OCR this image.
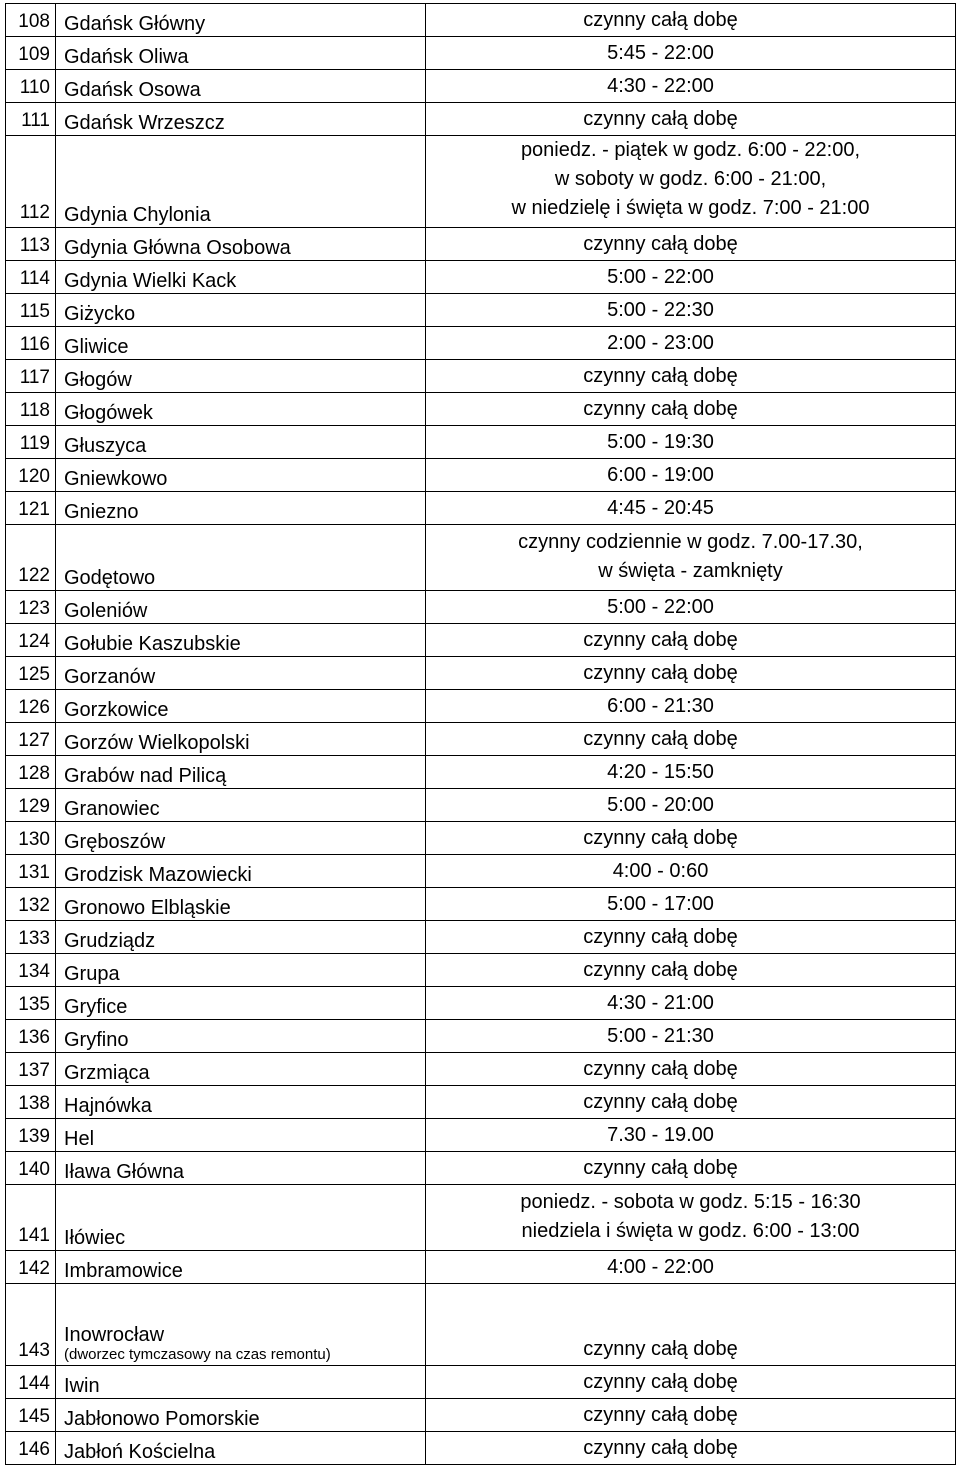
108	Gdańsk Główny	czynny całą dobę
109	Gdańsk Oliwa	5:45 - 22:00
110	Gdańsk Osowa	4:30 - 22:00
111	Gdańsk Wrzeszcz	czynny całą dobę
112	Gdynia Chylonia	poniedz. - piątek w godz. 6:00 - 22:00,
w soboty w godz. 6:00 - 21:00,
w niedzielę i święta w godz. 7:00 - 21:00
113	Gdynia Główna Osobowa	czynny całą dobę
114	Gdynia Wielki Kack	5:00 - 22:00
115	Giżycko	5:00 - 22:30
116	Gliwice	2:00 - 23:00
117	Głogów	czynny całą dobę
118	Głogówek	czynny całą dobę
119	Głuszyca	5:00 - 19:30
120	Gniewkowo	6:00 - 19:00
121	Gniezno	4:45 - 20:45
122	Godętowo	czynny codziennie w godz. 7.00-17.30,
w święta - zamknięty
123	Goleniów	5:00 - 22:00
124	Gołubie Kaszubskie	czynny całą dobę
125	Gorzanów	czynny całą dobę
126	Gorzkowice	6:00 - 21:30
127	Gorzów Wielkopolski	czynny całą dobę
128	Grabów nad Pilicą	4:20 - 15:50
129	Granowiec	5:00 - 20:00
130	Gręboszów	czynny całą dobę
131	Grodzisk Mazowiecki	4:00 - 0:60
132	Gronowo Elbląskie	5:00 - 17:00
133	Grudziądz	czynny całą dobę
134	Grupa	czynny całą dobę
135	Gryfice	4:30 - 21:00
136	Gryfino	5:00 - 21:30
137	Grzmiąca	czynny całą dobę
138	Hajnówka	czynny całą dobę
139	Hel	7.30 - 19.00
140	Iława Główna	czynny całą dobę
141	Iłówiec	poniedz. - sobota w godz. 5:15 - 16:30
niedziela i święta w godz. 6:00 - 13:00
142	Imbramowice	4:00 - 22:00
143	Inowrocław
(dworzec tymczasowy na czas remontu)	czynny całą dobę
144	Iwin	czynny całą dobę
145	Jabłonowo Pomorskie	czynny całą dobę
146	Jabłoń Kościelna	czynny całą dobę
